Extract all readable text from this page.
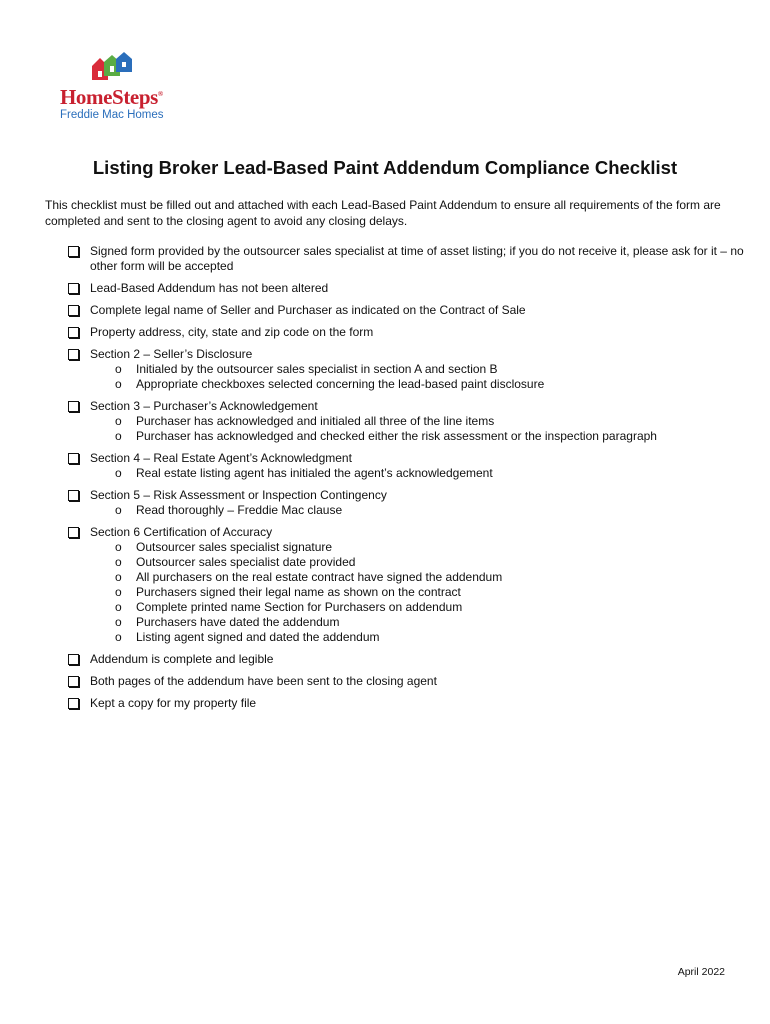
HomeSteps®
Freddie Mac Homes
Listing Broker Lead-Based Paint Addendum Compliance Checklist
This checklist must be filled out and attached with each Lead-Based Paint Addendum to ensure all requirements of the form are completed and sent to the closing agent to avoid any closing delays.
Signed form provided by the outsourcer sales specialist at time of asset listing; if you do not receive it, please ask for it – no other form will be accepted
Lead-Based Addendum has not been altered
Complete legal name of Seller and Purchaser as indicated on the Contract of Sale
Property address, city, state and zip code on the form
Section 2 – Seller’s Disclosure
o Initialed by the outsourcer sales specialist in section A and section B
o Appropriate checkboxes selected concerning the lead-based paint disclosure
Section 3 – Purchaser’s Acknowledgement
o Purchaser has acknowledged and initialed all three of the line items
o Purchaser has acknowledged and checked either the risk assessment or the inspection paragraph
Section 4 – Real Estate Agent’s Acknowledgment
o Real estate listing agent has initialed the agent’s acknowledgement
Section 5 – Risk Assessment or Inspection Contingency
o Read thoroughly – Freddie Mac clause
Section 6 Certification of Accuracy
o Outsourcer sales specialist signature
o Outsourcer sales specialist date provided
o All purchasers on the real estate contract have signed the addendum
o Purchasers signed their legal name as shown on the contract
o Complete printed name Section for Purchasers on addendum
o Purchasers have dated the addendum
o Listing agent signed and dated the addendum
Addendum is complete and legible
Both pages of the addendum have been sent to the closing agent
Kept a copy for my property file
April 2022
